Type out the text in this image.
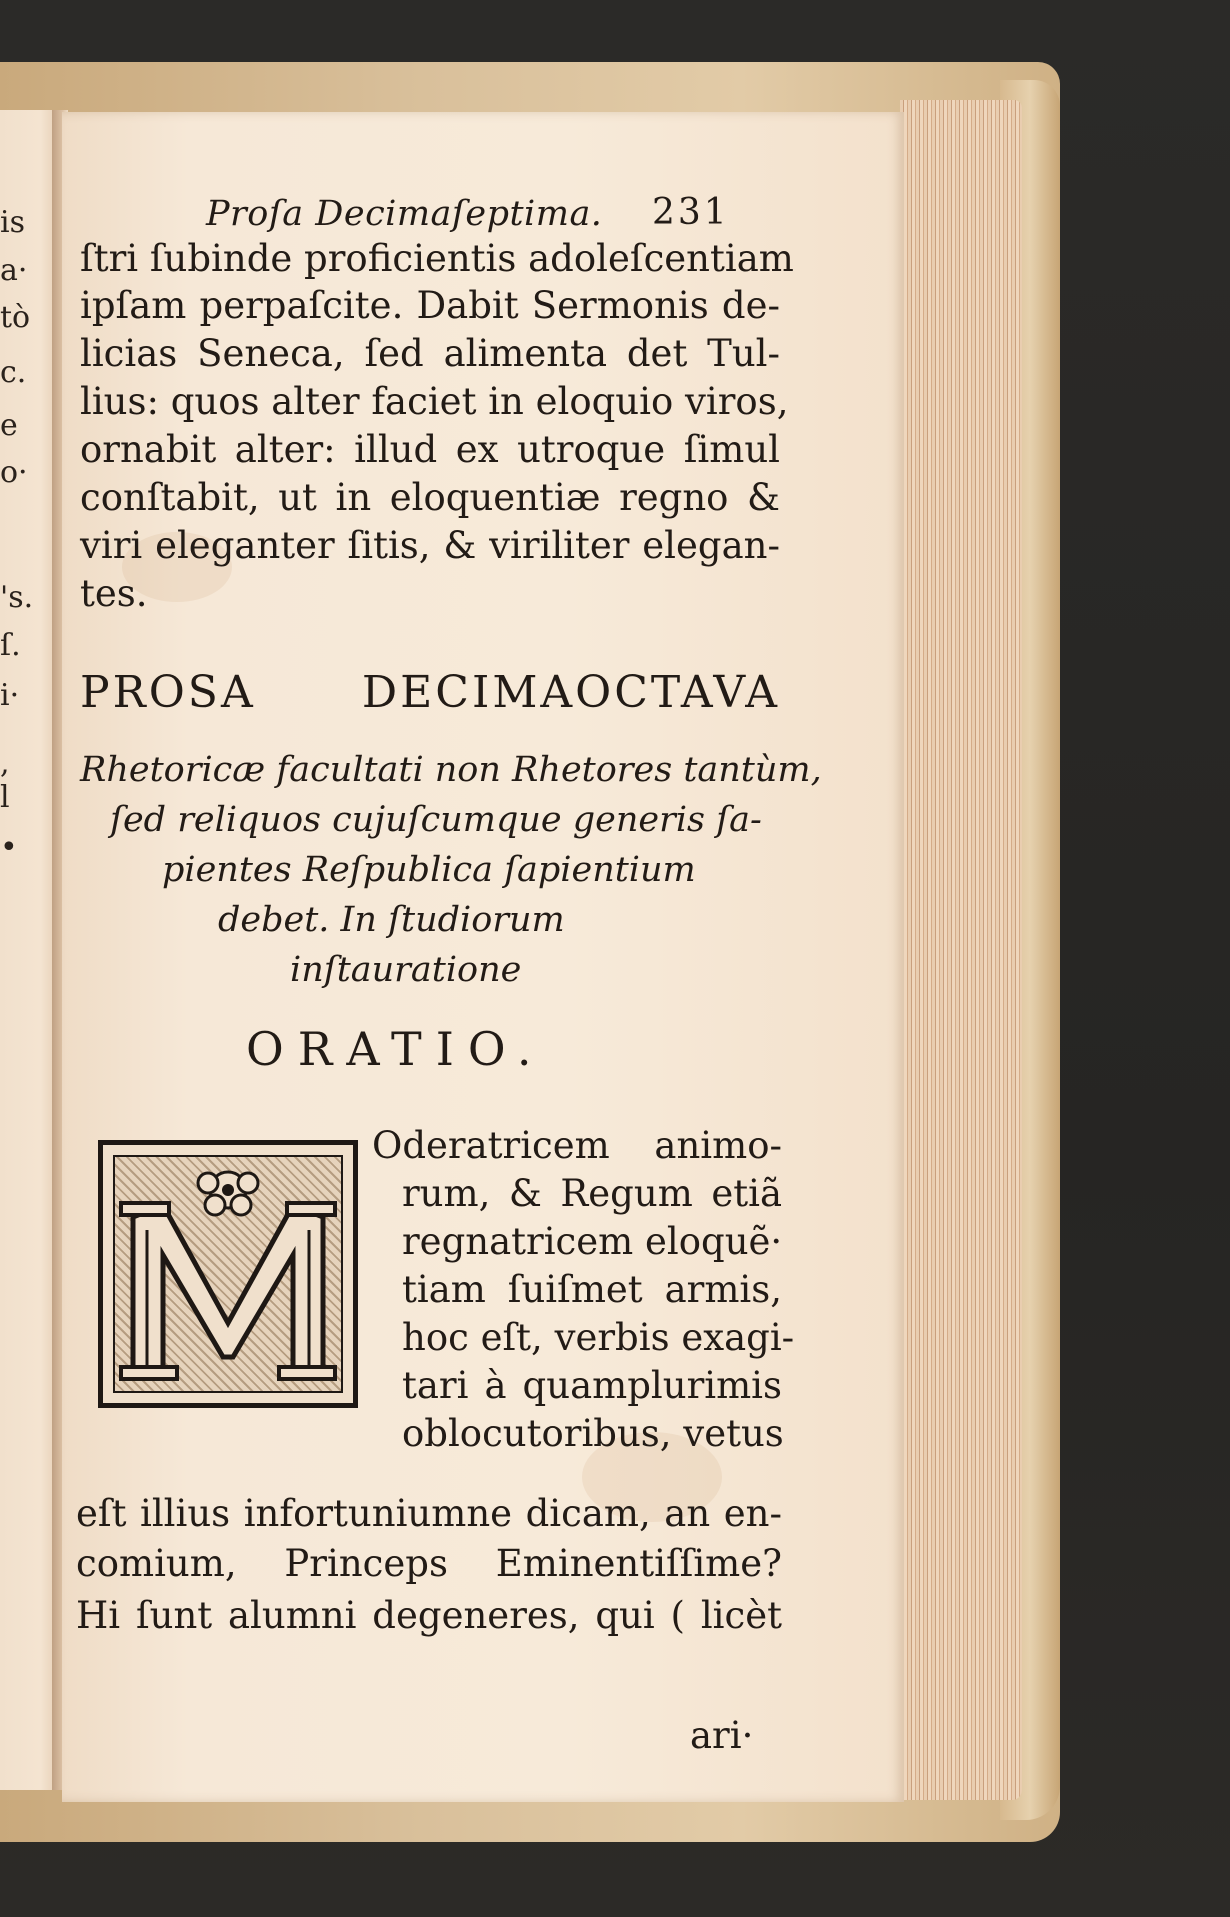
is
a·
tò
c.
e
o·
's.
ſ.
i·
,
l
•
Proſa Decimaſeptima. 231
ſtri ſubinde proficientis adoleſcentiam
ipſam perpaſcite. Dabit Sermonis de-
licias Seneca, ſed alimenta det Tul-
lius: quos alter faciet in eloquio viros,
ornabit alter: illud ex utroque ſimul
conſtabit, ut in eloquentiæ regno &
viri eleganter ſitis, & viriliter elegan-
tes.
PROSA DECIMAOCTAVA
Rhetoricæ facultati non Rhetores tantùm,
ſed reliquos cujuſcumque generis ſa-
pientes Reſpublica ſapientium
debet. In ſtudiorum
inſtauratione
ORATIO.
Oderatricem animo-
rum, & Regum etiã
regnatricem eloquẽ·
tiam ſuiſmet armis,
hoc eſt, verbis exagi-
tari à quamplurimis
oblocutoribus, vetus
eſt illius infortuniumne dicam, an en-
comium, Princeps Eminentiſſime?
Hi ſunt alumni degeneres, qui ( licèt
ari·
